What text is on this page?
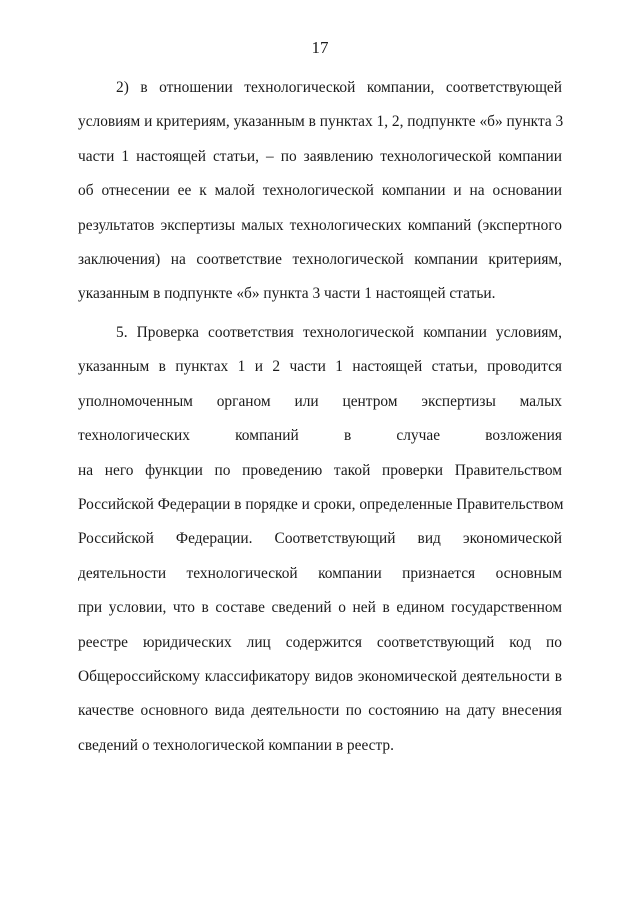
17
2) в отношении технологической компании, соответствующей
условиям и критериям, указанным в пунктах 1, 2, подпункте «б» пункта 3
части 1 настоящей статьи, – по заявлению технологической компании
об отнесении ее к малой технологической компании и на основании
результатов экспертизы малых технологических компаний (экспертного
заключения) на соответствие технологической компании критериям,
указанным в подпункте «б» пункта 3 части 1 настоящей статьи.
5. Проверка соответствия технологической компании условиям,
указанным в пунктах 1 и 2 части 1 настоящей статьи, проводится
уполномоченным органом или центром экспертизы малых
технологических компаний в случае возложения
на него функции по проведению такой проверки Правительством
Российской Федерации в порядке и сроки, определенные Правительством
Российской Федерации. Соответствующий вид экономической
деятельности технологической компании признается основным
при условии, что в составе сведений о ней в едином государственном
реестре юридических лиц содержится соответствующий код по
Общероссийскому классификатору видов экономической деятельности в
качестве основного вида деятельности по состоянию на дату внесения
сведений о технологической компании в реестр.
